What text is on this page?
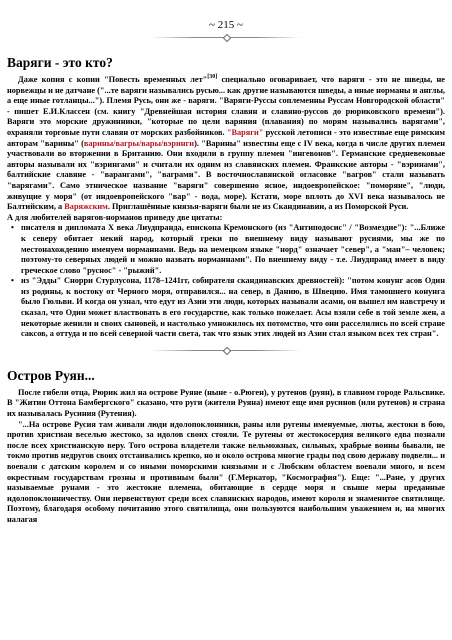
~ 215 ~
Варяги - это кто?

Даже копия с копии "Повесть временных лет"[30] специально оговаривает, что варяги - это не шведы, не норвежцы и не датчане ("...те варяги назывались русью... как другие называются шведы, а иные норманы и англы, а еще иные готланцы..."). Племя Русь, они же - варяги. "Варяги-Руссы соплеменны Руссам Новгородской области" - пишет Е.И.Классен (см. книгу "Древнейшая история славян и славяно-руссов до рюриковского времени"). Варяги это морские дружинники, "которые по цели варяния (плавания) по морям назывались варягами", охраняли торговые пути славян от морских разбойников. "Варяги" русской летописи - это известные еще римским авторам "варины" (варины/вагры/вары/вэринги). "Варины" известны еще с IV века, когда в числе других племен участвовали во вторжении в Британию. Они входили в группу племен "ингевонов". Германские средневековые авторы называли их "вэрингами" и считали их одним из славянских племен. Франкские авторы - "вэринами", балтийские славяне - "варангами", "ваграми". В восточнославянской огласовке "вагров" стали называть "варягами". Само этническое название "варяги" совершенно ясное, индоевропейское: "поморяне", "люди, живущие у моря" (от индоевропейского "вар" - вода, море). Кстати, море вплоть до XVI века называлось не Балтийским, а Варяжским. Приглашённые князья-варяги были не из Скандинавии, а из Поморской Руси.

А для любителей варягов-норманов приведу две цитаты:

• писателя и дипломата X века Лиудпранда, епископа Кремонского (из "Антиподосис" / "Возмездие"): "...Ближе к северу обитает некий народ, который греки по внешнему виду называют русиями, мы же по местонахождению именуем норманнами. Ведь на немецком языке "норд" означает "север", а "ман"– человек; поэтому-то северных людей и можно назвать норманнами". По внешнему виду - т.е. Лиудпранд имеет в виду греческое слово "руснос" - "рыжий".
• из "Эдды" Снорри Стурлусона, 1178–1241гг, собирателя скандинавских древностей): "потом конунг асов Один из родины, к востоку от Черного моря, отправился... на север, в Данию, в Швецию. Имя тамошнего конунга было Гюльви. И когда он узнал, что едут из Азии эти люди, которых называли асами, он вышел им навстречу и сказал, что Один может властвовать в его государстве, как только пожелает. Асы взяли себе в той земле жен, а некоторые женили и своих сыновей, и настолько умножилось их потомство, что они расселились по всей стране саксов, а оттуда и по всей северной части света, так что язык этих людей из Азии стал языком всех тех стран".
Остров Руян...

После гибели отца, Рюрик жил на острове Руяне (ныне - о.Рюген), у рутенов (руян), в главном городе Ральсвике. В "Житии Оттона Бамбергского" сказано, что руги (жители Руяна) имеют еще имя русинов (или рутенов) и страна их называлась Русиния (Рутения).

"...На острове Русия там живали люди идолопоклонники, раны или ругены именуемые, люты, жестоки в бою, против христиан веселью жестоко, за идолов своих стояли. Те рутены от жестокосердия великого едва познали после всех христианскую веру. Того острова владетели также вельможных, сильных, храбрые воины бывали, не токмо против недругов своих отстаивались крепко, но и около острова многие грады под свою державу подвели... и воевали с датским королем и со иными поморскими князьями и с Любским областем воевали много, и всем окрестным государствам грозны и противным были" (Г.Меркатор, "Космография"). Еще: "...Ране, у других называемые рунами - это жестокие племена, обитающие в сердце моря и свыше меры преданные идолопоклонничеству. Они первенствуют среди всех славянских народов, имеют короля и знаменитое святилище. Поэтому, благодаря особому почитанию этого святилища, они пользуются наибольшим уважением и, на многих налагая
